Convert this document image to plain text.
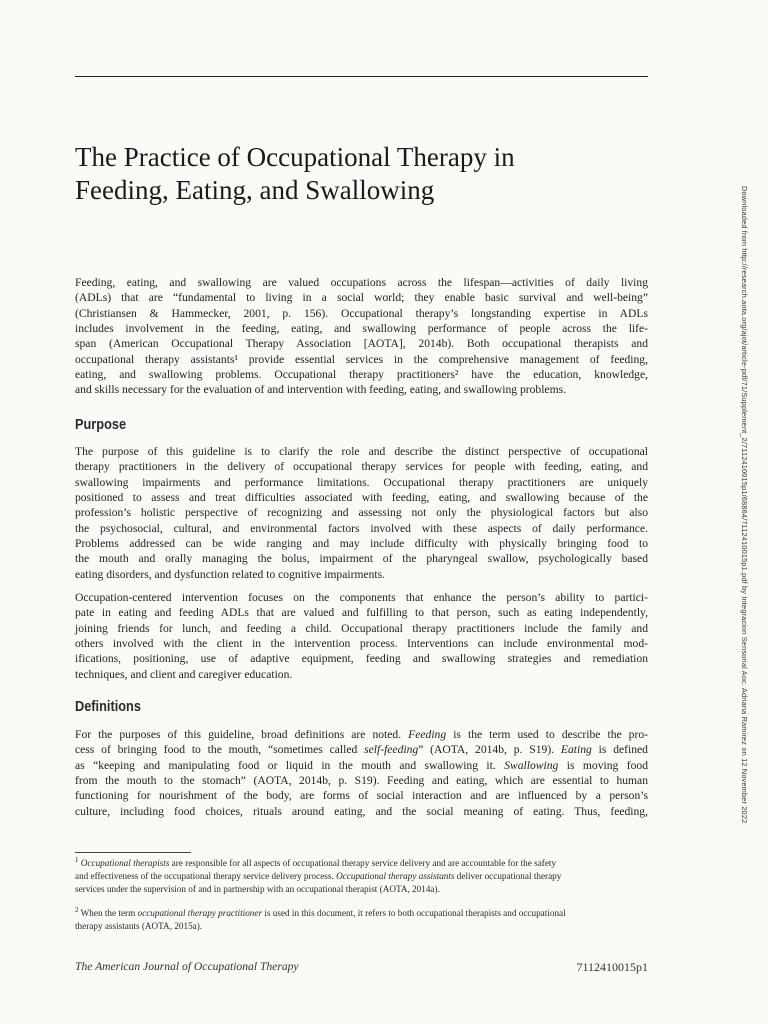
The Practice of Occupational Therapy in
Feeding, Eating, and Swallowing	Downloaded from http://research.aota.org/ajot/article-pdf/71/Supplement_2/7112410015p1/68864/7112410015p1.pdf by Integracion Sensorial Aoc. Adriana Ramirez on 12 November 2022
Feeding, eating, and swallowing are valued occupations across the lifespan—activities of daily living
(ADLs) that are “fundamental to living in a social world; they enable basic survival and well-being”
(Christiansen & Hammecker, 2001, p. 156). Occupational therapy’s longstanding expertise in ADLs
includes involvement in the feeding, eating, and swallowing performance of people across the life-
span (American Occupational Therapy Association [AOTA], 2014b). Both occupational therapists and
occupational therapy assistants¹ provide essential services in the comprehensive management of feeding,
eating, and swallowing problems. Occupational therapy practitioners² have the education, knowledge,
and skills necessary for the evaluation of and intervention with feeding, eating, and swallowing problems.
Purpose
The purpose of this guideline is to clarify the role and describe the distinct perspective of occupational
therapy practitioners in the delivery of occupational therapy services for people with feeding, eating, and
swallowing impairments and performance limitations. Occupational therapy practitioners are uniquely
positioned to assess and treat difficulties associated with feeding, eating, and swallowing because of the
profession’s holistic perspective of recognizing and assessing not only the physiological factors but also
the psychosocial, cultural, and environmental factors involved with these aspects of daily performance.
Problems addressed can be wide ranging and may include difficulty with physically bringing food to
the mouth and orally managing the bolus, impairment of the pharyngeal swallow, psychologically based
eating disorders, and dysfunction related to cognitive impairments.
Occupation-centered intervention focuses on the components that enhance the person’s ability to partici-
pate in eating and feeding ADLs that are valued and fulfilling to that person, such as eating independently,
joining friends for lunch, and feeding a child. Occupational therapy practitioners include the family and
others involved with the client in the intervention process. Interventions can include environmental mod-
ifications, positioning, use of adaptive equipment, feeding and swallowing strategies and remediation
techniques, and client and caregiver education.
Definitions
For the purposes of this guideline, broad definitions are noted. Feeding is the term used to describe the pro-
cess of bringing food to the mouth, “sometimes called self-feeding” (AOTA, 2014b, p. S19). Eating is defined
as “keeping and manipulating food or liquid in the mouth and swallowing it. Swallowing is moving food
from the mouth to the stomach” (AOTA, 2014b, p. S19). Feeding and eating, which are essential to human
functioning for nourishment of the body, are forms of social interaction and are influenced by a person’s
culture, including food choices, rituals around eating, and the social meaning of eating. Thus, feeding,
$^1$ Occupational therapists are responsible for all aspects of occupational therapy service delivery and are accountable for the safety
and effectiveness of the occupational therapy service delivery process. Occupational therapy assistants deliver occupational therapy
services under the supervision of and in partnership with an occupational therapist (AOTA, 2014a).
$^2$ When the term occupational therapy practitioner is used in this document, it refers to both occupational therapists and occupational
therapy assistants (AOTA, 2015a).
The American Journal of Occupational Therapy	7112410015p1
